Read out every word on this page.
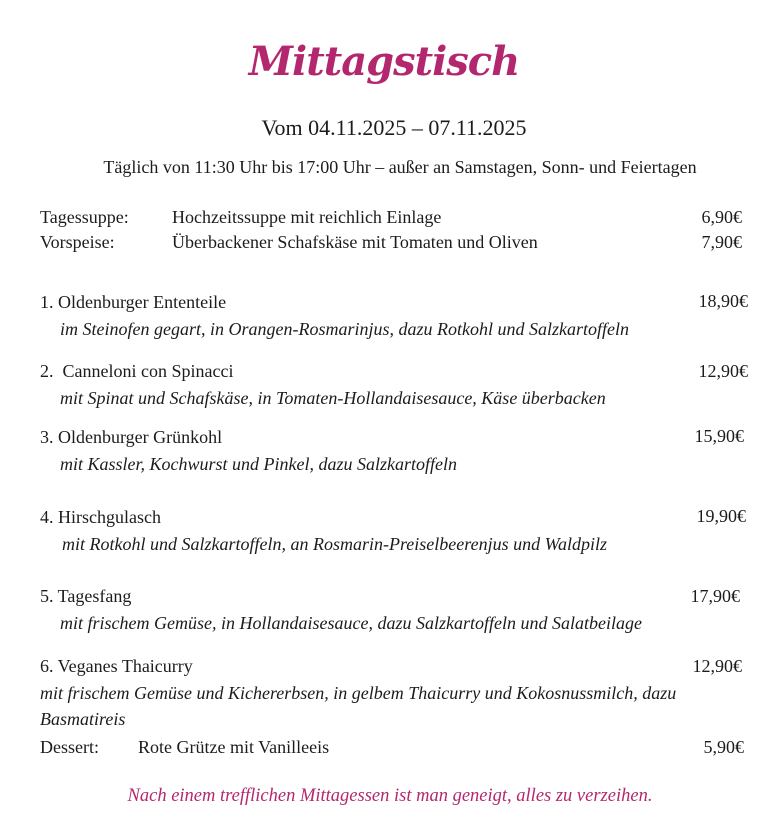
Mittagstisch
Vom 04.11.2025 – 07.11.2025
Täglich von 11:30 Uhr bis 17:00 Uhr – außer an Samstagen, Sonn- und Feiertagen
Tagessuppe: Hochzeitssuppe mit reichlich Einlage	6,90€
Vorspeise:	Überbackener Schafskäse mit Tomaten und Oliven	7,90€
1. Oldenburger Ententeile	18,90€
im Steinofen gegart, in Orangen-Rosmarinjus, dazu Rotkohl und Salzkartoffeln
2.  Canneloni con Spinacci	12,90€
mit Spinat und Schafskäse, in Tomaten-Hollandaisesauce, Käse überbacken
3. Oldenburger Grünkohl	15,90€
mit Kassler, Kochwurst und Pinkel, dazu Salzkartoffeln
4. Hirschgulasch	19,90€
mit Rotkohl und Salzkartoffeln, an Rosmarin-Preiselbeerenjus und Waldpilz
5. Tagesfang	17,90€
mit frischem Gemüse, in Hollandaisesauce, dazu Salzkartoffeln und Salatbeilage
6. Veganes Thaicurry	12,90€
mit frischem Gemüse und Kichererbsen, in gelbem Thaicurry und Kokosnussmilch, dazu Basmatireis
Dessert: Rote Grütze mit Vanilleeis	5,90€
Nach einem trefflichen Mittagessen ist man geneigt, alles zu verzeihen.
